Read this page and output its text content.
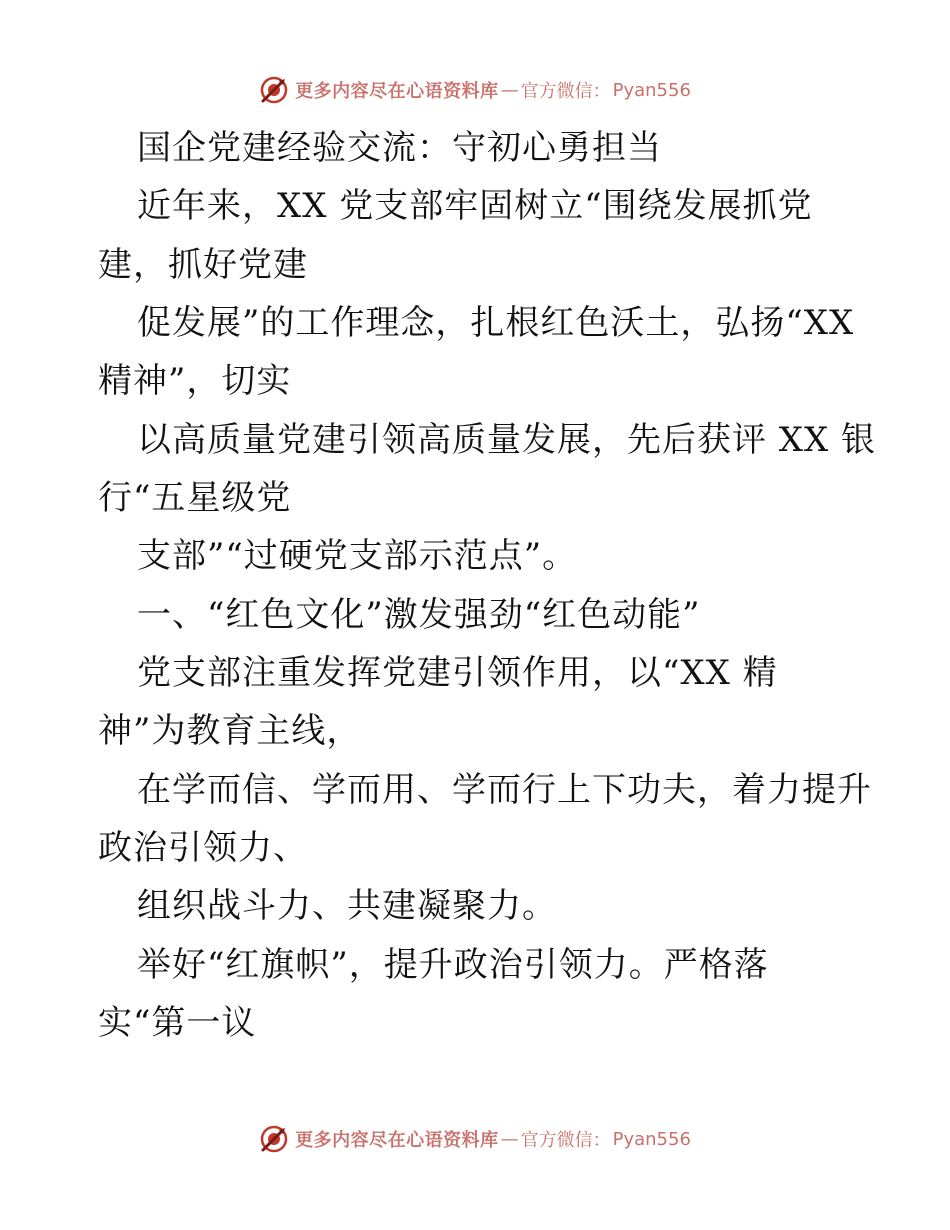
更多内容尽在心语资料库 — 官方微信： Pyan556
国企党建经验交流：守初心勇担当
近年来，XX 党支部牢固树立“围绕发展抓党
建，抓好党建
促发展”的工作理念，扎根红色沃土，弘扬“XX
精神”，切实
以高质量党建引领高质量发展，先后获评 XX 银
行“五星级党
支部”“过硬党支部示范点”。
一、“红色文化”激发强劲“红色动能”
党支部注重发挥党建引领作用，以“XX 精
神”为教育主线，
在学而信、学而用、学而行上下功夫，着力提升
政治引领力、
组织战斗力、共建凝聚力。
举好“红旗帜”，提升政治引领力。严格落
实“第一议
更多内容尽在心语资料库 — 官方微信： Pyan556
